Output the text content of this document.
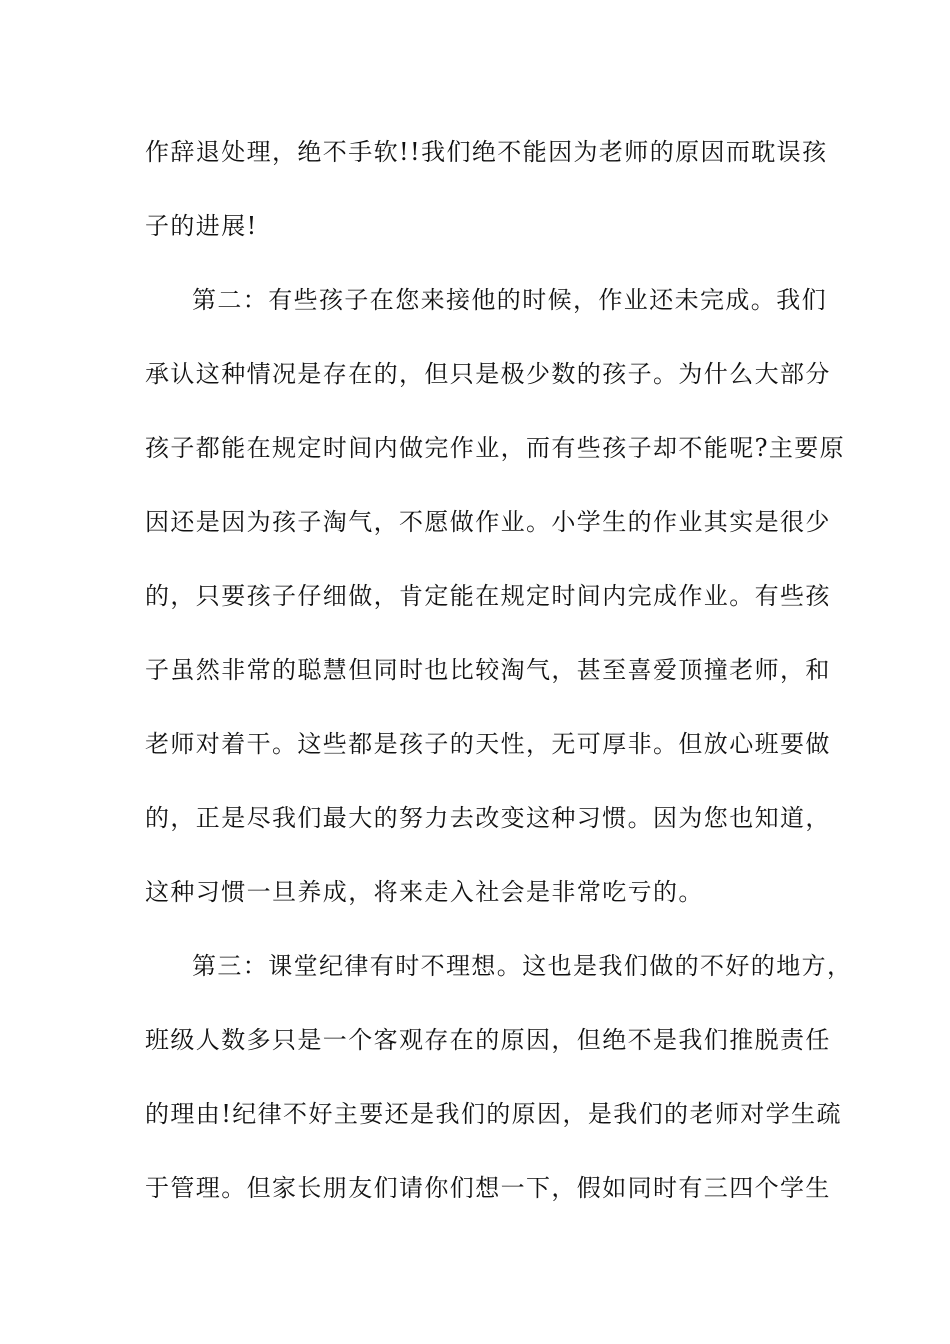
作辞退处理，绝不手软!!我们绝不能因为老师的原因而耽误孩
子的进展!
第二：有些孩子在您来接他的时候，作业还未完成。我们
承认这种情况是存在的，但只是极少数的孩子。为什么大部分
孩子都能在规定时间内做完作业，而有些孩子却不能呢?主要原
因还是因为孩子淘气，不愿做作业。小学生的作业其实是很少
的，只要孩子仔细做，肯定能在规定时间内完成作业。有些孩
子虽然非常的聪慧但同时也比较淘气，甚至喜爱顶撞老师，和
老师对着干。这些都是孩子的天性，无可厚非。但放心班要做
的，正是尽我们最大的努力去改变这种习惯。因为您也知道，
这种习惯一旦养成，将来走入社会是非常吃亏的。
第三：课堂纪律有时不理想。这也是我们做的不好的地方，
班级人数多只是一个客观存在的原因，但绝不是我们推脱责任
的理由!纪律不好主要还是我们的原因，是我们的老师对学生疏
于管理。但家长朋友们请你们想一下，假如同时有三四个学生
